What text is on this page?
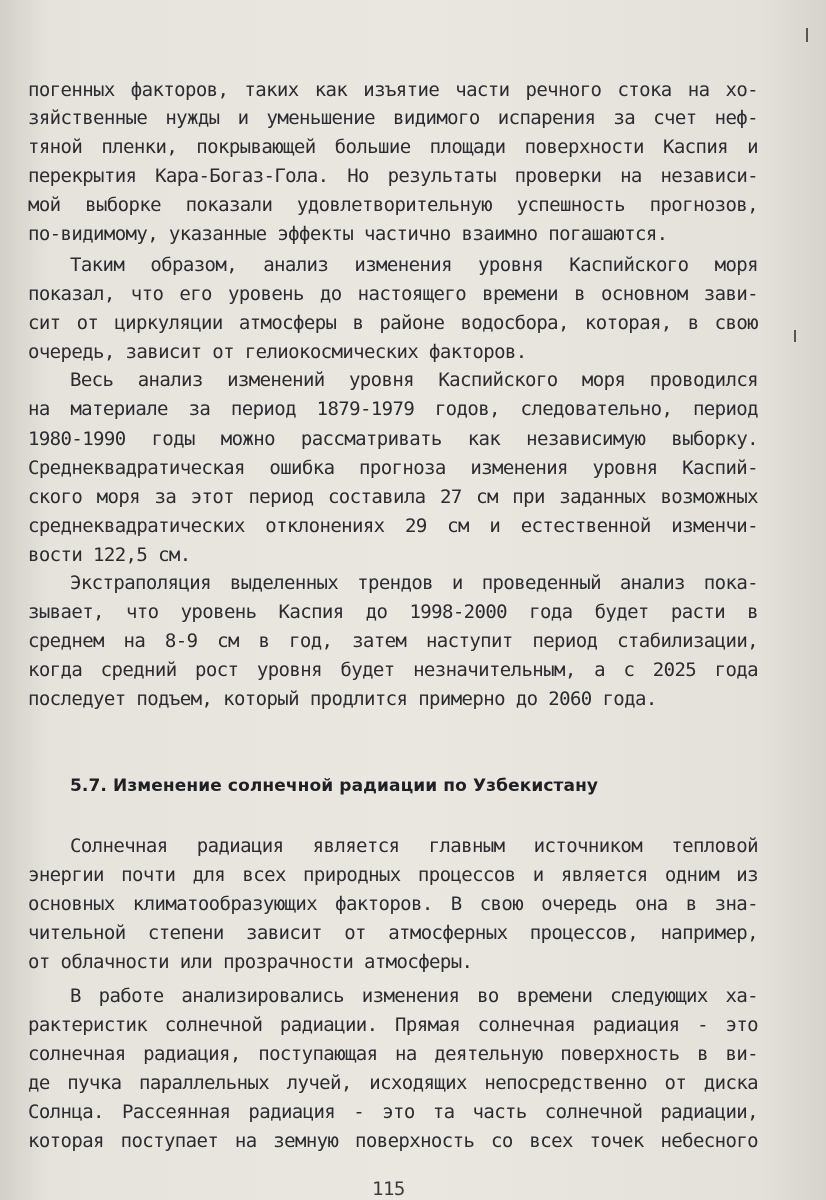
погенных факторов, таких как изъятие части речного стока на хо-
зяйственные нужды и уменьшение видимого испарения за счет неф-
тяной пленки, покрывающей большие площади поверхности Каспия и
перекрытия Кара-Богаз-Гола. Но результаты проверки на независи-
мой выборке показали удовлетворительную успешность прогнозов,
по-видимому, указанные эффекты частично взаимно погашаются.
Таким образом, анализ изменения уровня Каспийского моря
показал, что его уровень до настоящего времени в основном зави-
сит от циркуляции атмосферы в районе водосбора, которая, в свою
очередь, зависит от гелиокосмических факторов.
Весь анализ изменений уровня Каспийского моря проводился
на материале за период 1879-1979 годов, следовательно, период
1980-1990 годы можно рассматривать как независимую выборку.
Среднеквадратическая ошибка прогноза изменения уровня Каспий-
ского моря за этот период составила 27 см при заданных возможных
среднеквадратических отклонениях 29 см и естественной изменчи-
вости 122,5 см.
Экстраполяция выделенных трендов и проведенный анализ пока-
зывает, что уровень Каспия до 1998-2000 года будет расти в
среднем на 8-9 см в год, затем наступит период стабилизации,
когда средний рост уровня будет незначительным, а с 2025 года
последует подъем, который продлится примерно до 2060 года.
5.7. Изменение солнечной радиации по Узбекистану
Солнечная радиация является главным источником тепловой
энергии почти для всех природных процессов и является одним из
основных климатообразующих факторов. В свою очередь она в зна-
чительной степени зависит от атмосферных процессов, например,
от облачности или прозрачности атмосферы.
В работе анализировались изменения во времени следующих ха-
рактеристик солнечной радиации. Прямая солнечная радиация - это
солнечная радиация, поступающая на деятельную поверхность в ви-
де пучка параллельных лучей, исходящих непосредственно от диска
Солнца. Рассеянная радиация - это та часть солнечной радиации,
которая поступает на земную поверхность со всех точек небесного
115
